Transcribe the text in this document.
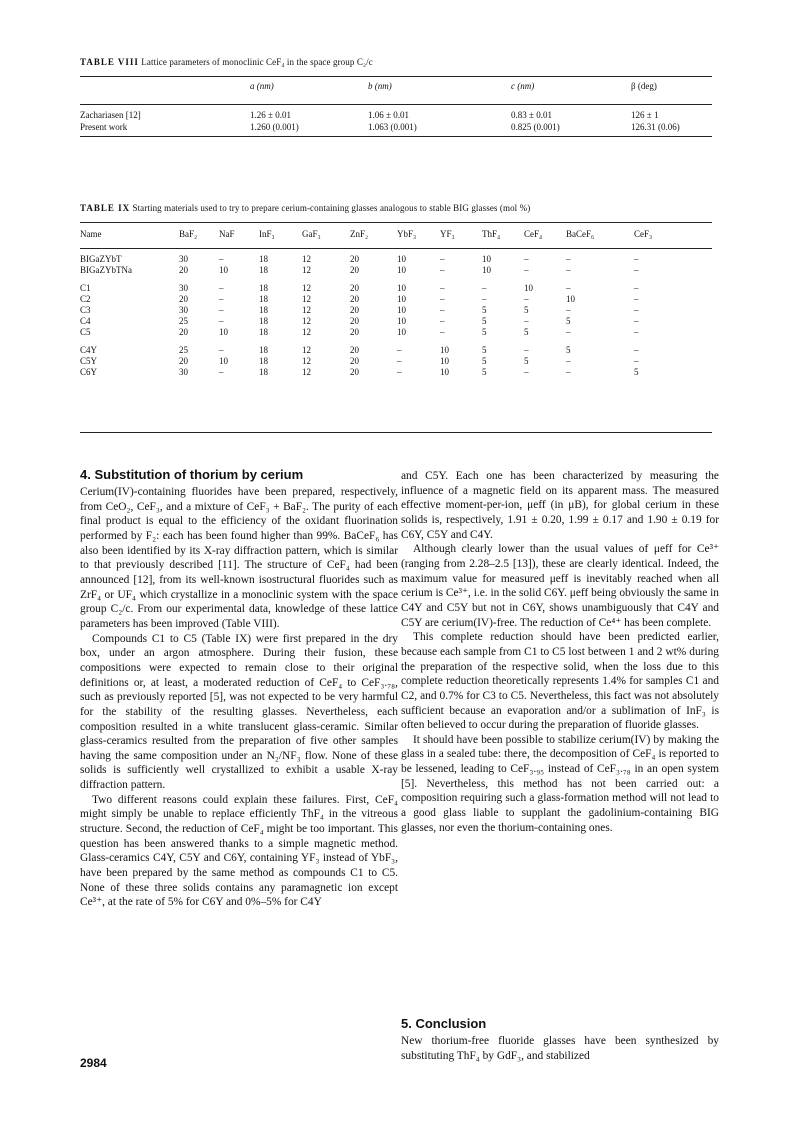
TABLE VIII Lattice parameters of monoclinic CeF₄ in the space group C₂/c
	a (nm)	b (nm)	c (nm)	β (deg)
Zachariasen [12]	1.26 ± 0.01	1.06 ± 0.01	0.83 ± 0.01	126 ± 1
Present work	1.260 (0.001)	1.063 (0.001)	0.825 (0.001)	126.31 (0.06)
TABLE IX Starting materials used to try to prepare cerium-containing glasses analogous to stable BIG glasses (mol %)
Name	BaF₂	NaF	InF₃	GaF₃	ZnF₂	YbF₃	YF₃	ThF₄	CeF₄	BaCeF₆	CeF₃
BIGaZYbT	30	–	18	12	20	10	–	10	–	–	–
BIGaZYbTNa	20	10	18	12	20	10	–	10	–	–	–
C1	30	–	18	12	20	10	–	–	10	–	–
C2	20	–	18	12	20	10	–	–	–	10	–
C3	30	–	18	12	20	10	–	5	5	–	–
C4	25	–	18	12	20	10	–	5	–	5	–
C5	20	10	18	12	20	10	–	5	5	–	–
C4Y	25	–	18	12	20	–	10	5	–	5	–
C5Y	20	10	18	12	20	–	10	5	5	–	–
C6Y	30	–	18	12	20	–	10	5	–	–	5
4. Substitution of thorium by cerium

Cerium(IV)-containing fluorides have been prepared, respectively, from CeO₂, CeF₃, and a mixture of CeF₃ + BaF₂. The purity of each final product is equal to the efficiency of the oxidant fluorination performed by F₂: each has been found higher than 99%. BaCeF₆ has also been identified by its X-ray diffraction pattern, which is similar to that previously described [11]. The structure of CeF₄ had been announced [12], from its well-known isostructural fluorides such as ZrF₄ or UF₄ which crystallize in a monoclinic system with the space group C₂/c. From our experimental data, knowledge of these lattice parameters has been improved (Table VIII).

Compounds C1 to C5 (Table IX) were first prepared in the dry box, under an argon atmosphere. During their fusion, these compositions were expected to remain close to their original definitions or, at least, a moderated reduction of CeF₄ to CeF₃.₇₈, such as previously reported [5], was not expected to be very harmful for the stability of the resulting glasses. Nevertheless, each composition resulted in a white translucent glass-ceramic. Similar glass-ceramics resulted from the preparation of five other samples having the same composition under an N₂/NF₃ flow. None of these solids is sufficiently well crystallized to exhibit a usable X-ray diffraction pattern.

Two different reasons could explain these failures. First, CeF₄ might simply be unable to replace efficiently ThF₄ in the vitreous structure. Second, the reduction of CeF₄ might be too important. This question has been answered thanks to a simple magnetic method. Glass-ceramics C4Y, C5Y and C6Y, containing YF₃ instead of YbF₃, have been prepared by the same method as compounds C1 to C5. None of these three solids contains any paramagnetic ion except Ce³⁺, at the rate of 5% for C6Y and 0%–5% for C4Y

and C5Y. Each one has been characterized by measuring the influence of a magnetic field on its apparent mass. The measured effective moment-per-ion, μeff (in μB), for global cerium in these solids is, respectively, 1.91 ± 0.20, 1.99 ± 0.17 and 1.90 ± 0.19 for C6Y, C5Y and C4Y.

Although clearly lower than the usual values of μeff for Ce³⁺ (ranging from 2.28–2.5 [13]), these are clearly identical. Indeed, the maximum value for measured μeff is inevitably reached when all cerium is Ce³⁺, i.e. in the solid C6Y. μeff being obviously the same in C4Y and C5Y but not in C6Y, shows unambiguously that C4Y and C5Y are cerium(IV)-free. The reduction of Ce⁴⁺ has been complete.

This complete reduction should have been predicted earlier, because each sample from C1 to C5 lost between 1 and 2 wt% during the preparation of the respective solid, when the loss due to this complete reduction theoretically represents 1.4% for samples C1 and C2, and 0.7% for C3 to C5. Nevertheless, this fact was not absolutely sufficient because an evaporation and/or a sublimation of InF₃ is often believed to occur during the preparation of fluoride glasses.

It should have been possible to stabilize cerium(IV) by making the glass in a sealed tube: there, the decomposition of CeF₄ is reported to be lessened, leading to CeF₃.₉₅ instead of CeF₃.₇₈ in an open system [5]. Nevertheless, this method has not been carried out: a composition requiring such a glass-formation method will not lead to a good glass liable to supplant the gadolinium-containing BIG glasses, nor even the thorium-containing ones.

5. Conclusion

New thorium-free fluoride glasses have been synthesized by substituting ThF₄ by GdF₃, and stabilized

2984
